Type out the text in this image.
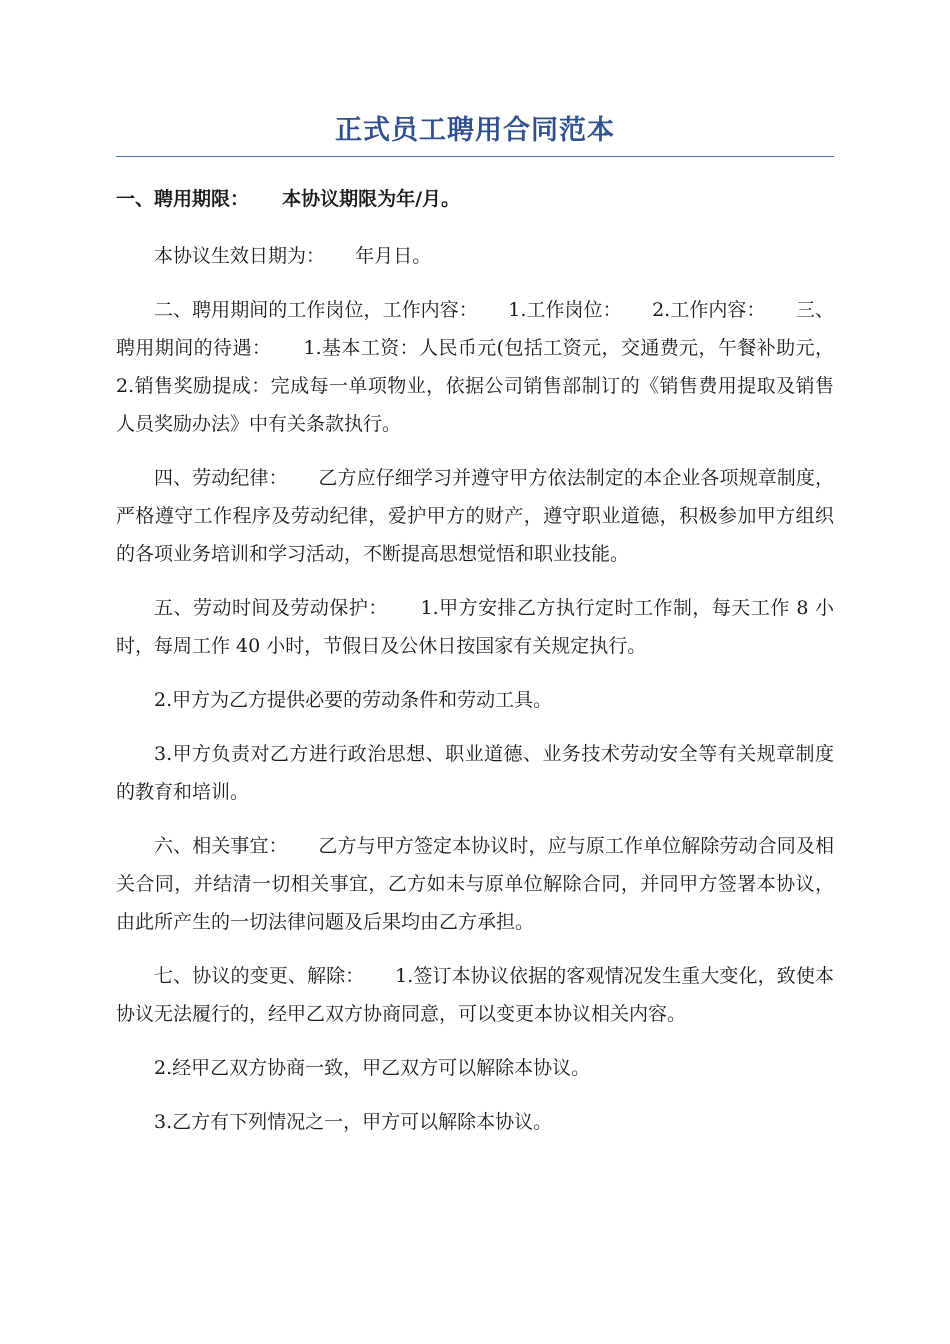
正式员工聘用合同范本
一、聘用期限：     本协议期限为年/月。

本协议生效日期为：     年月日。

二、聘用期间的工作岗位，工作内容：     1.工作岗位：     2.工作内容：     三、聘用期间的待遇：     1.基本工资：人民币元(包括工资元，交通费元，午餐补助元，2.销售奖励提成：完成每一单项物业，依据公司销售部制订的《销售费用提取及销售人员奖励办法》中有关条款执行。

四、劳动纪律：     乙方应仔细学习并遵守甲方依法制定的本企业各项规章制度，严格遵守工作程序及劳动纪律，爱护甲方的财产，遵守职业道德，积极参加甲方组织的各项业务培训和学习活动，不断提高思想觉悟和职业技能。

五、劳动时间及劳动保护：     1.甲方安排乙方执行定时工作制，每天工作 8 小时，每周工作 40 小时，节假日及公休日按国家有关规定执行。

2.甲方为乙方提供必要的劳动条件和劳动工具。

3.甲方负责对乙方进行政治思想、职业道德、业务技术劳动安全等有关规章制度的教育和培训。

六、相关事宜：     乙方与甲方签定本协议时，应与原工作单位解除劳动合同及相关合同，并结清一切相关事宜，乙方如未与原单位解除合同，并同甲方签署本协议，由此所产生的一切法律问题及后果均由乙方承担。

七、协议的变更、解除：     1.签订本协议依据的客观情况发生重大变化，致使本协议无法履行的，经甲乙双方协商同意，可以变更本协议相关内容。

2.经甲乙双方协商一致，甲乙双方可以解除本协议。

3.乙方有下列情况之一，甲方可以解除本协议。
